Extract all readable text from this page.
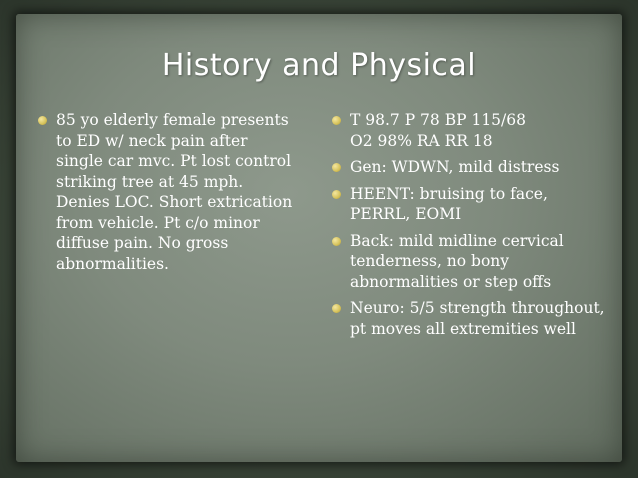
History and Physical
85 yo elderly female presents to ED w/ neck pain after single car mvc. Pt lost control striking tree at 45 mph. Denies LOC. Short extrication from vehicle. Pt c/o minor diffuse pain. No gross abnormalities.
T 98.7 P 78 BP 115/68
O2 98% RA RR 18
Gen: WDWN, mild distress
HEENT: bruising to face, PERRL, EOMI
Back: mild midline cervical tenderness, no bony abnormalities or step offs
Neuro: 5/5 strength throughout, pt moves all extremities well
